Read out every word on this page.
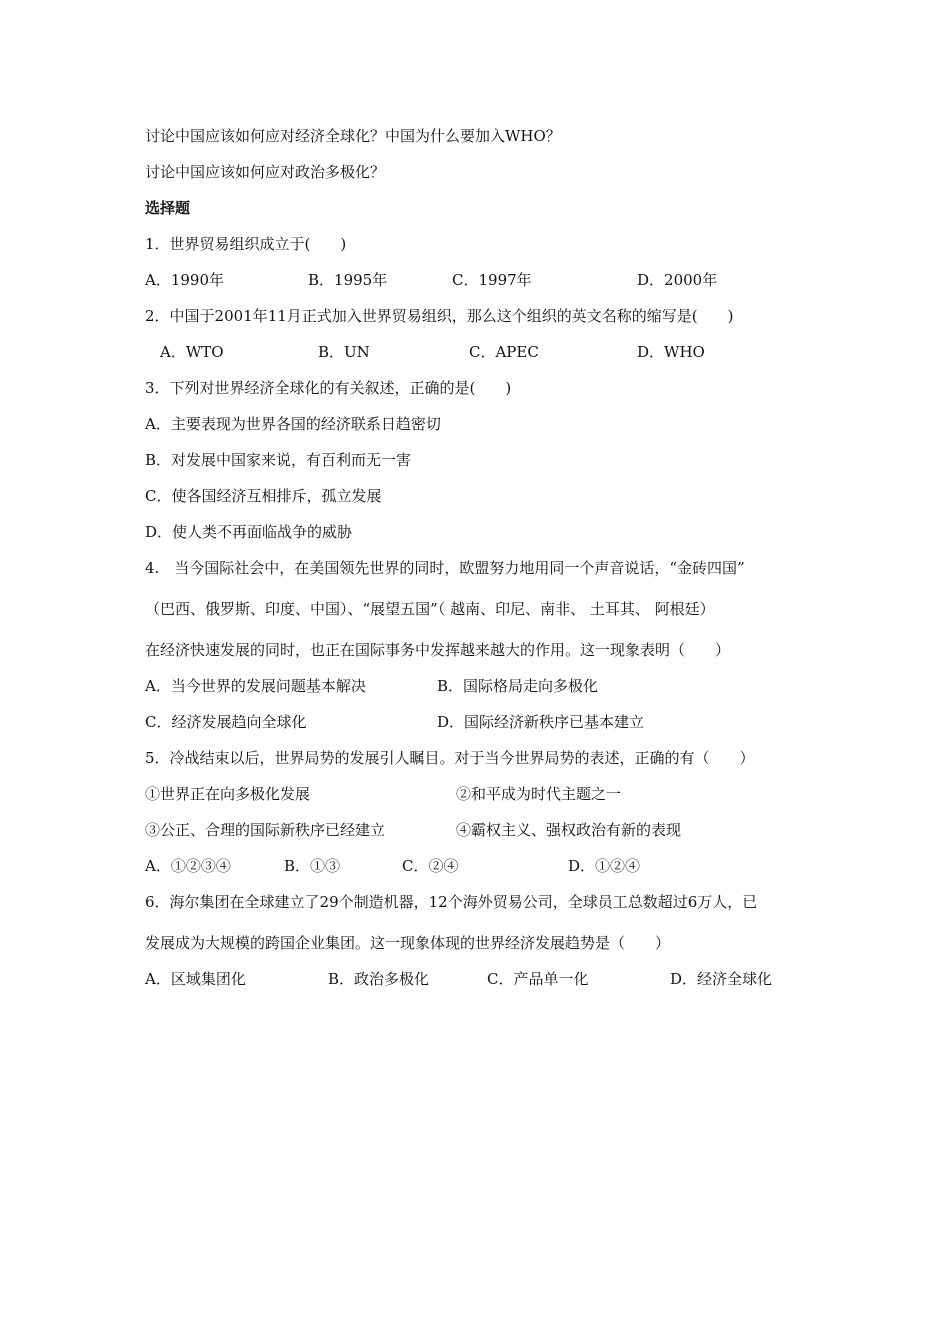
讨论中国应该如何应对经济全球化？中国为什么要加入WHO？
讨论中国应该如何应对政治多极化？
选择题
1．世界贸易组织成立于(　　)
A．1990年	B．1995年	C．1997年	D．2000年
2．中国于2001年11月正式加入世界贸易组织，那么这个组织的英文名称的缩写是(　　)
A．WTO	B．UN	C．APEC	D．WHO
3．下列对世界经济全球化的有关叙述，正确的是(　　)
A．主要表现为世界各国的经济联系日趋密切
B．对发展中国家来说，有百利而无一害
C．使各国经济互相排斥，孤立发展
D．使人类不再面临战争的威胁
4.　当今国际社会中，在美国领先世界的同时，欧盟努力地用同一个声音说话，“金砖四国”
（巴西、俄罗斯、印度、中国）、“展望五国”（ 越南、印尼、南非、 土耳其、 阿根廷）
在经济快速发展的同时，也正在国际事务中发挥越来越大的作用。这一现象表明（　　）
A．当今世界的发展问题基本解决	B．国际格局走向多极化
C．经济发展趋向全球化	D．国际经济新秩序已基本建立
5．冷战结束以后，世界局势的发展引人瞩目。对于当今世界局势的表述，正确的有（　　）
①世界正在向多极化发展	②和平成为时代主题之一
③公正、合理的国际新秩序已经建立	④霸权主义、强权政治有新的表现
A．①②③④	B．①③	C．②④	D．①②④
6．海尔集团在全球建立了29个制造机器，12个海外贸易公司，全球员工总数超过6万人，已
发展成为大规模的跨国企业集团。这一现象体现的世界经济发展趋势是（　　）
A．区域集团化	B．政治多极化	C．产品单一化	D．经济全球化
